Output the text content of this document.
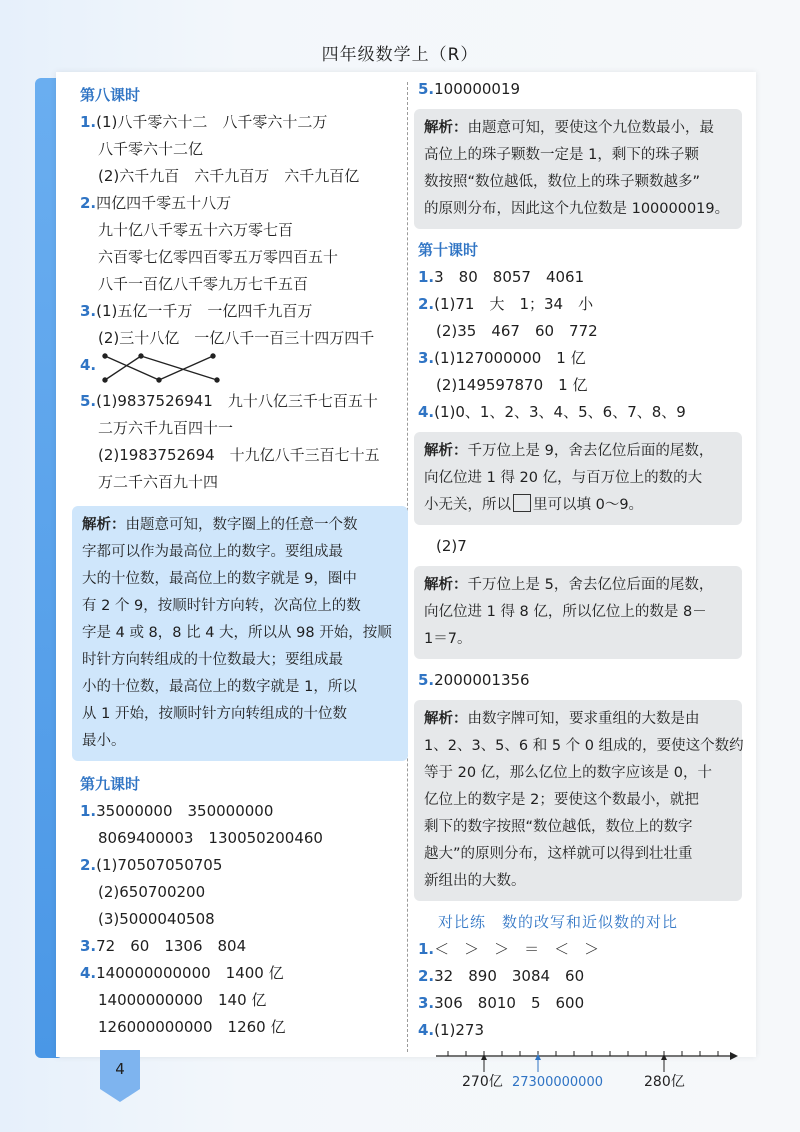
四年级数学上（R）
第八课时
1.(1)八千零六十二　八千零六十二万
八千零六十二亿
(2)六千九百　六千九百万　六千九百亿
2.四亿四千零五十八万
九十亿八千零五十六万零七百
六百零七亿零四百零五万零四百五十
八千一百亿八千零九万七千五百
3.(1)五亿一千万　一亿四千九百万
(2)三十八亿　一亿八千一百三十四万四千
4.
5.(1)9837526941　九十八亿三千七百五十
二万六千九百四十一
(2)1983752694　十九亿八千三百七十五
万二千六百九十四
解析：由题意可知，数字圈上的任意一个数
字都可以作为最高位上的数字。要组成最
大的十位数，最高位上的数字就是 9，圈中
有 2 个 9，按顺时针方向转，次高位上的数
字是 4 或 8，8 比 4 大，所以从 98 开始，按顺
时针方向转组成的十位数最大；要组成最
小的十位数，最高位上的数字就是 1，所以
从 1 开始，按顺时针方向转组成的十位数
最小。
第九课时
1.35000000　350000000
8069400003　130050200460
2.(1)70507050705
(2)650700200
(3)5000040508
3.72　60　1306　804
4.140000000000　1400 亿
14000000000　140 亿
126000000000　1260 亿
5.100000019
解析：由题意可知，要使这个九位数最小，最
高位上的珠子颗数一定是 1，剩下的珠子颗
数按照“数位越低，数位上的珠子颗数越多”
的原则分布，因此这个九位数是 100000019。
第十课时
1.3　80　8057　4061
2.(1)71　大　1；34　小
(2)35　467　60　772
3.(1)127000000　1 亿
(2)149597870　1 亿
4.(1)0、1、2、3、4、5、6、7、8、9
解析：千万位上是 9，舍去亿位后面的尾数，
向亿位进 1 得 20 亿，与百万位上的数的大
小无关，所以 里可以填 0～9。
(2)7
解析：千万位上是 5，舍去亿位后面的尾数，
向亿位进 1 得 8 亿，所以亿位上的数是 8－
1＝7。
5.2000001356
解析：由数字牌可知，要求重组的大数是由
1、2、3、5、6 和 5 个 0 组成的，要使这个数约
等于 20 亿，那么亿位上的数字应该是 0，十
亿位上的数字是 2；要使这个数最小，就把
剩下的数字按照“数位越低，数位上的数字
越大”的原则分布，这样就可以得到壮壮重
新组出的大数。
对比练　数的改写和近似数的对比
1.＜　＞　＞　＝　＜　＞
2.32　890　3084　60
3.306　8010　5　600
4.(1)273
270亿 27300000000	280亿
4
